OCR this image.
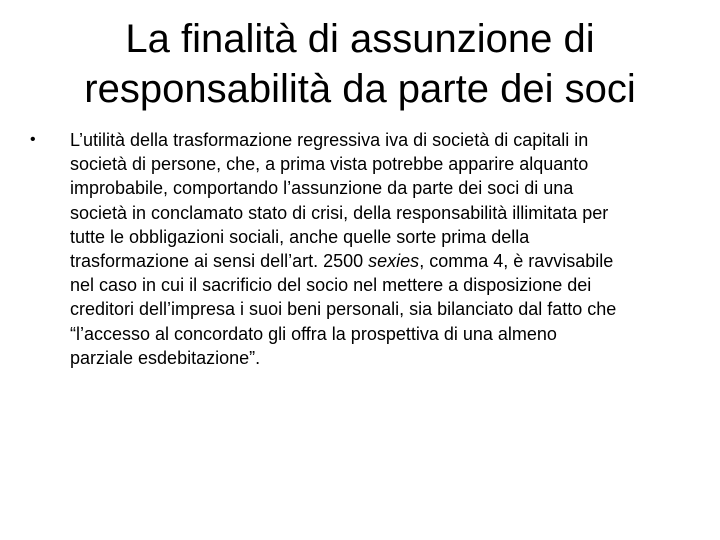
La finalità di assunzione di
responsabilità da parte dei soci
• L’utilità della trasformazione regressiva iva di società di capitali in
società di persone, che, a prima vista potrebbe apparire alquanto
improbabile, comportando l’assunzione da parte dei soci di una
società in conclamato stato di crisi, della responsabilità illimitata per
tutte le obbligazioni sociali, anche quelle sorte prima della
trasformazione ai sensi dell’art. 2500 sexies, comma 4, è ravvisabile
nel caso in cui il sacrificio del socio nel mettere a disposizione dei
creditori dell’impresa i suoi beni personali, sia bilanciato dal fatto che
“l’accesso al concordato gli offra la prospettiva di una almeno
parziale esdebitazione”.
